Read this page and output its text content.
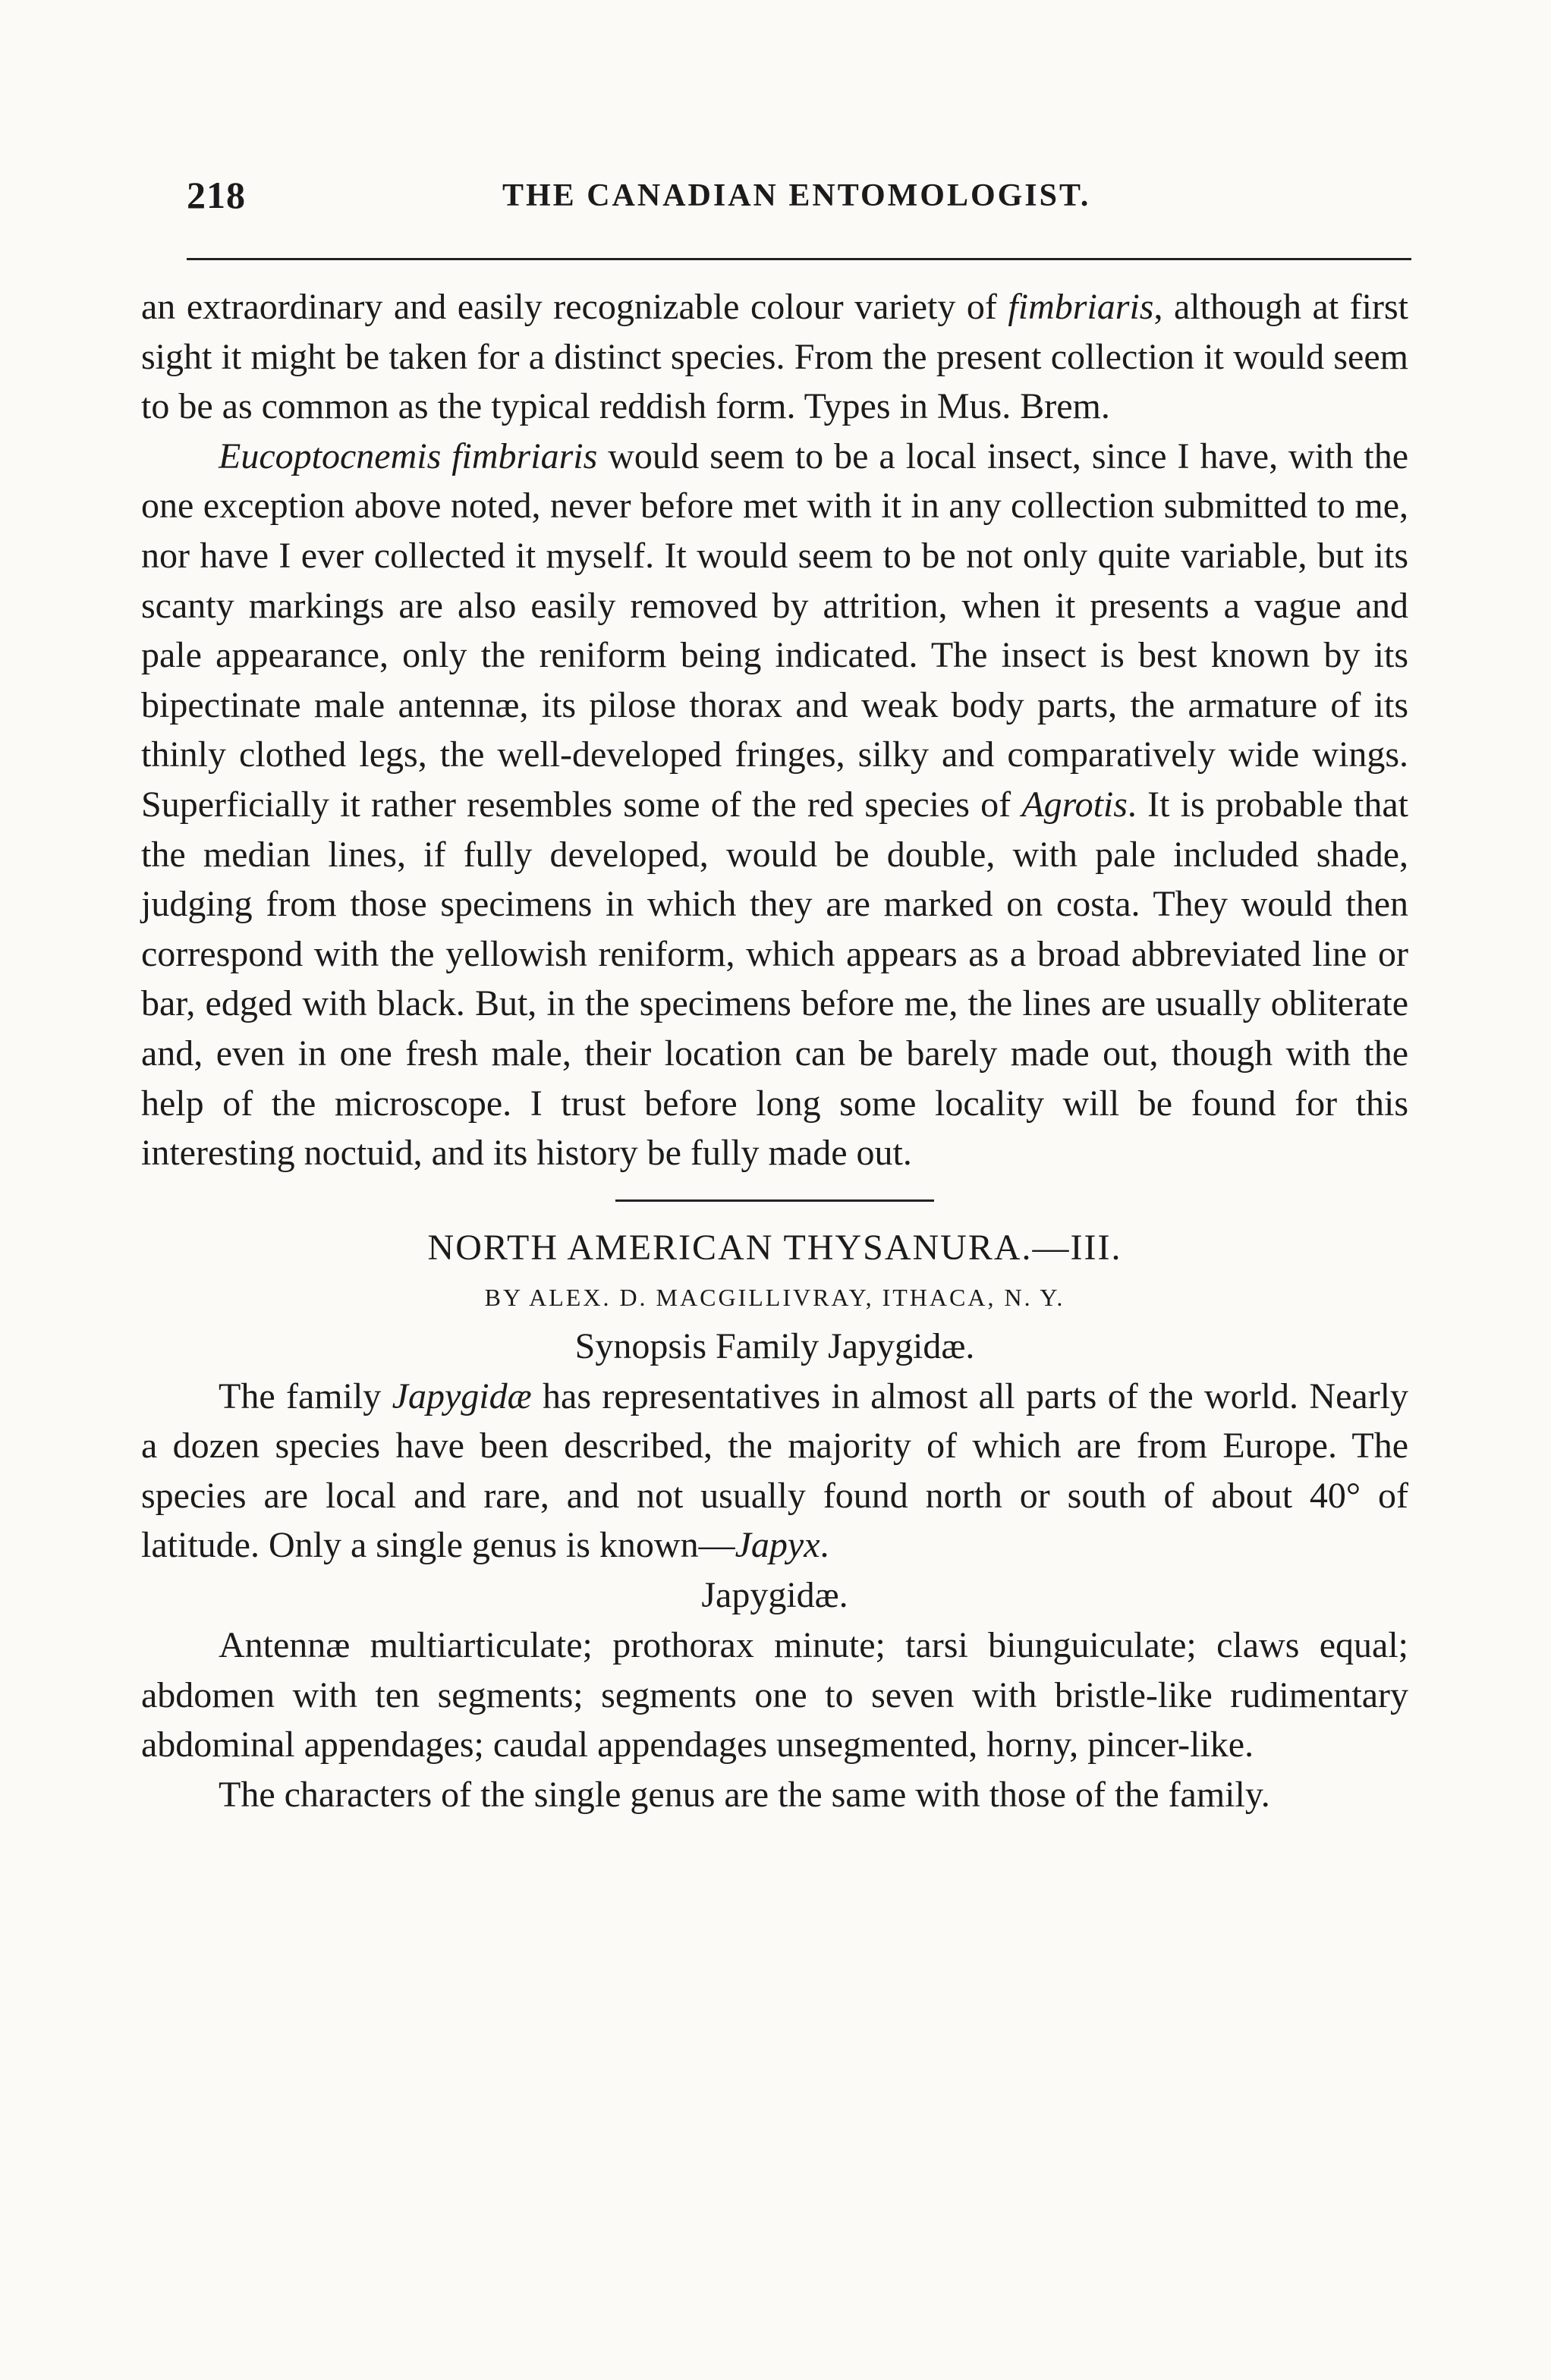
218	THE CANADIAN ENTOMOLOGIST.

an extraordinary and easily recognizable colour variety of fimbriaris, although at first sight it might be taken for a distinct species. From the present collection it would seem to be as common as the typical reddish form. Types in Mus. Brem.

Eucoptocnemis fimbriaris would seem to be a local insect, since I have, with the one exception above noted, never before met with it in any collection submitted to me, nor have I ever collected it myself. It would seem to be not only quite variable, but its scanty markings are also easily removed by attrition, when it presents a vague and pale appearance, only the reniform being indicated. The insect is best known by its bipectinate male antennæ, its pilose thorax and weak body parts, the armature of its thinly clothed legs, the well-developed fringes, silky and comparatively wide wings. Superficially it rather resembles some of the red species of Agrotis. It is probable that the median lines, if fully developed, would be double, with pale included shade, judging from those specimens in which they are marked on costa. They would then correspond with the yellowish reniform, which appears as a broad abbreviated line or bar, edged with black. But, in the specimens before me, the lines are usually obliterate and, even in one fresh male, their location can be barely made out, though with the help of the microscope. I trust before long some locality will be found for this interesting noctuid, and its history be fully made out.

NORTH AMERICAN THYSANURA.—III.

BY ALEX. D. MACGILLIVRAY, ITHACA, N. Y.

Synopsis Family Japygidæ.

The family Japygidæ has representatives in almost all parts of the world. Nearly a dozen species have been described, the majority of which are from Europe. The species are local and rare, and not usually found north or south of about 40° of latitude. Only a single genus is known—Japyx.

Japygidæ.

Antennæ multiarticulate; prothorax minute; tarsi biunguiculate; claws equal; abdomen with ten segments; segments one to seven with bristle-like rudimentary abdominal appendages; caudal appendages unsegmented, horny, pincer-like.

The characters of the single genus are the same with those of the family.
